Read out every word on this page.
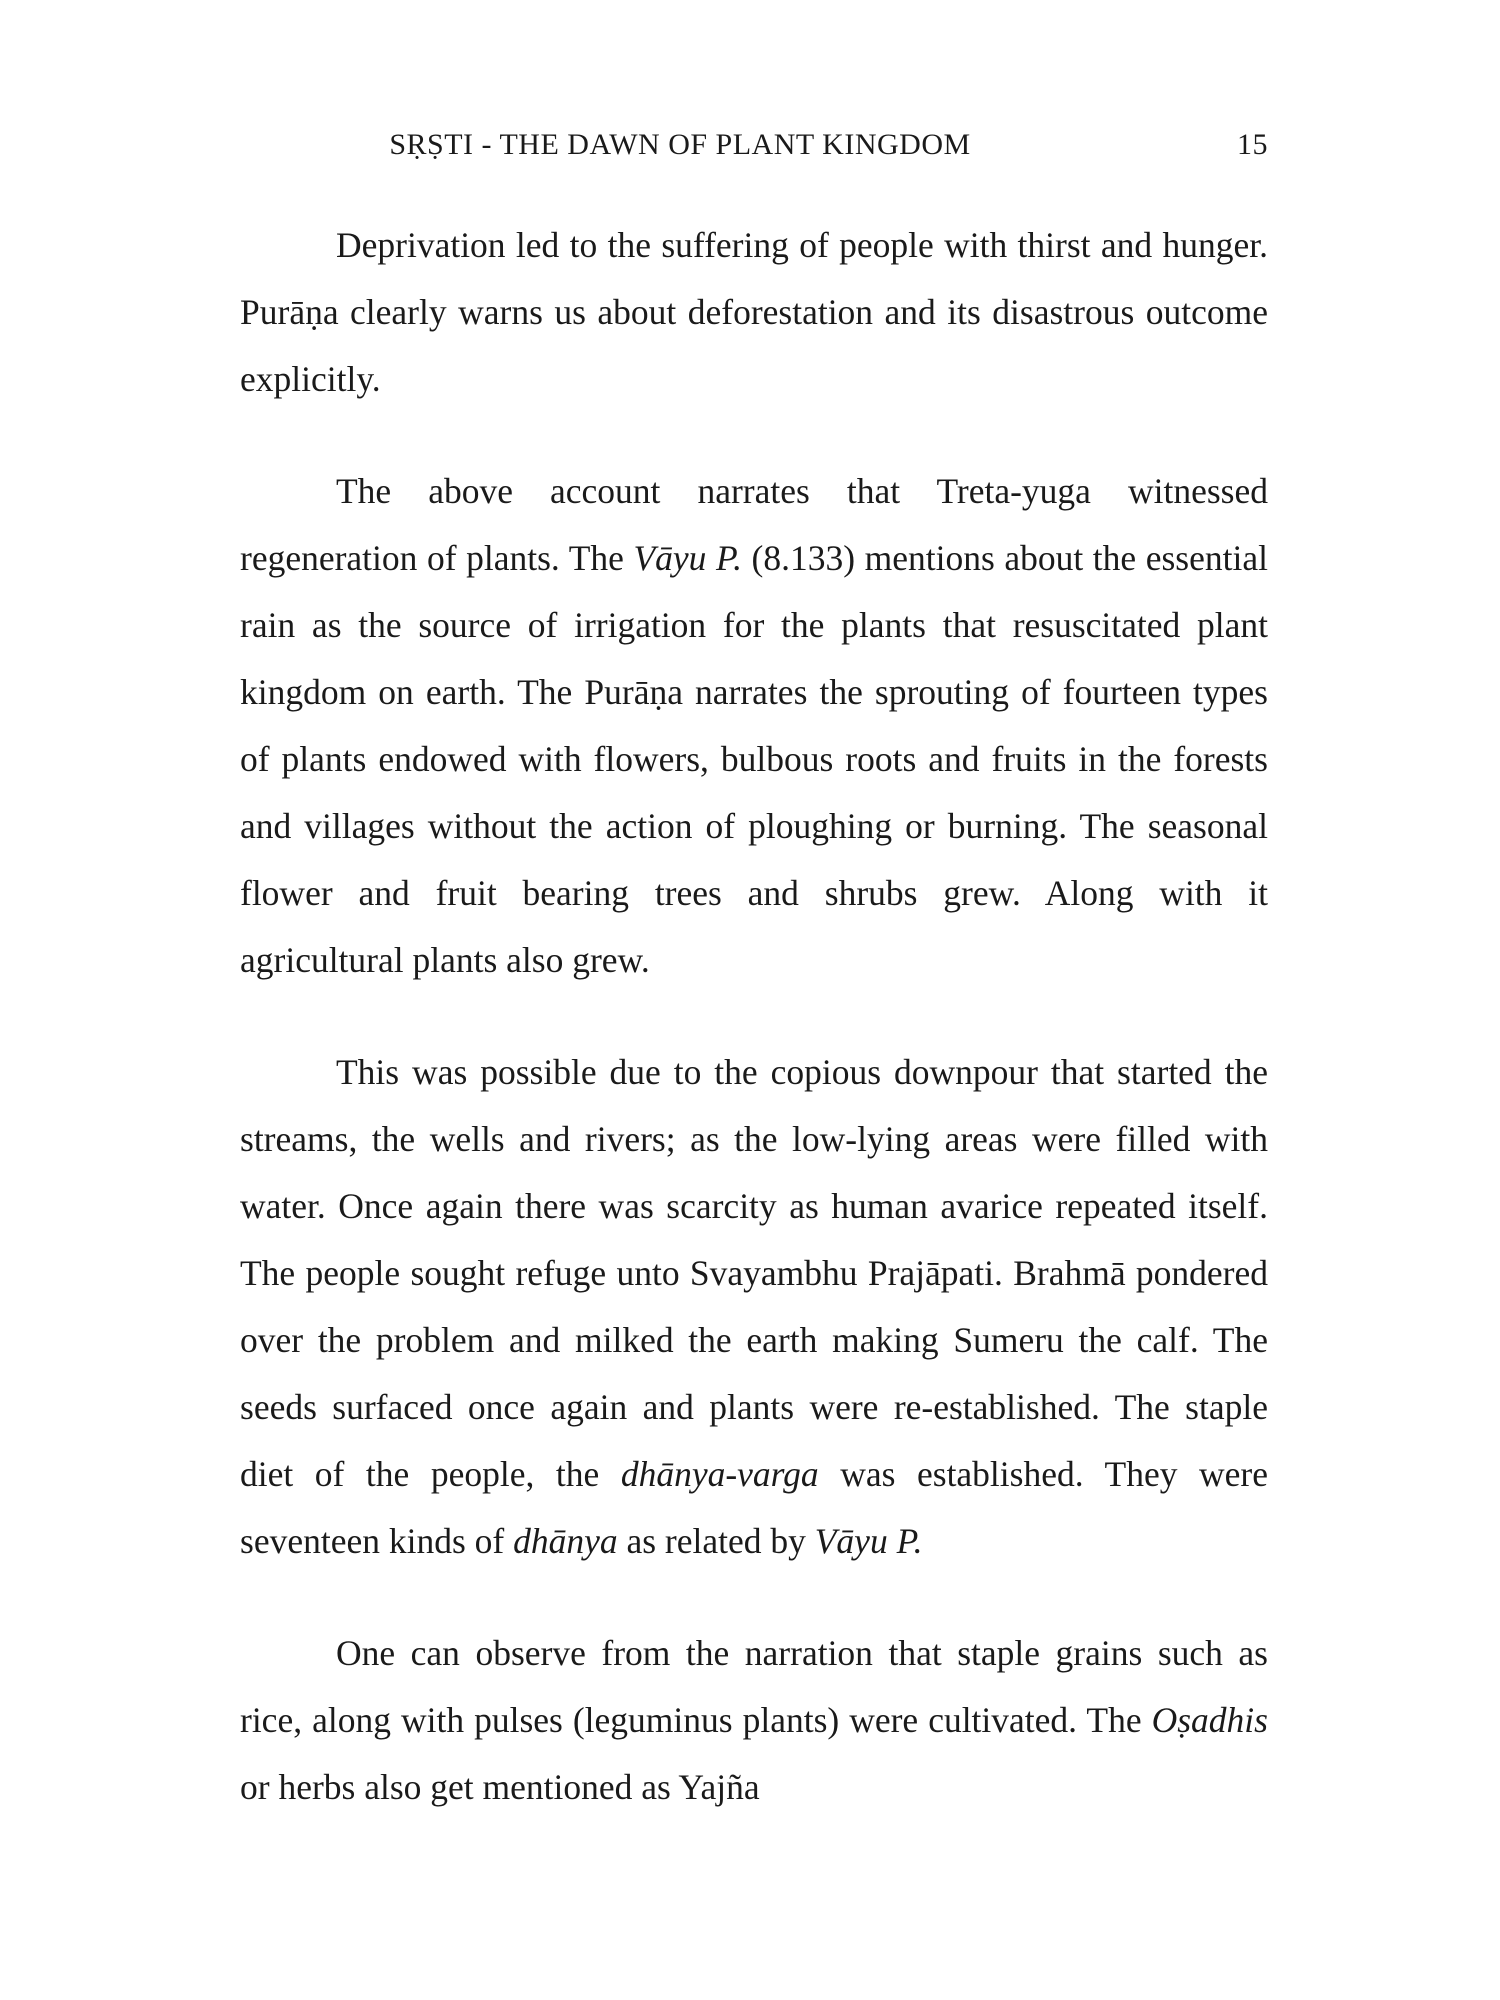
SṚṢTI - THE DAWN OF PLANT KINGDOM	15

Deprivation led to the suffering of people with thirst and hunger. Purāṇa clearly warns us about deforestation and its disastrous outcome explicitly.

The above account narrates that Treta-yuga witnessed regeneration of plants. The Vāyu P. (8.133) mentions about the essential rain as the source of irrigation for the plants that resuscitated plant kingdom on earth. The Purāṇa narrates the sprouting of fourteen types of plants endowed with flowers, bulbous roots and fruits in the forests and villages without the action of ploughing or burning. The seasonal flower and fruit bearing trees and shrubs grew. Along with it agricultural plants also grew.

This was possible due to the copious downpour that started the streams, the wells and rivers; as the low-lying areas were filled with water. Once again there was scarcity as human avarice repeated itself. The people sought refuge unto Svayambhu Prajāpati. Brahmā pondered over the problem and milked the earth making Sumeru the calf. The seeds surfaced once again and plants were re-established. The staple diet of the people, the dhānya-varga was established. They were seventeen kinds of dhānya as related by Vāyu P.

One can observe from the narration that staple grains such as rice, along with pulses (leguminus plants) were cultivated. The Oṣadhis or herbs also get mentioned as Yajña
